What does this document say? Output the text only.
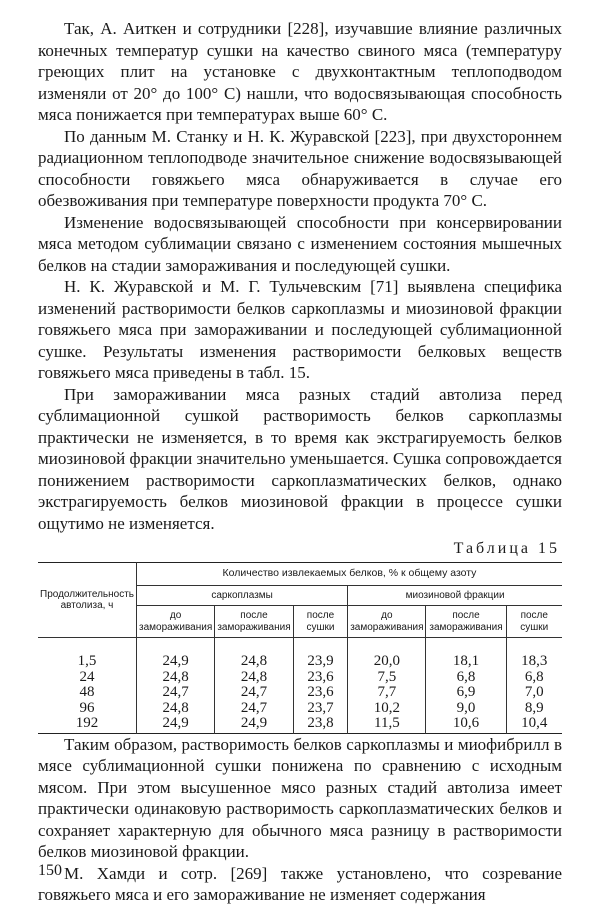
Так, А. Аиткен и сотрудники [228], изучавшие влияние различных конечных температур сушки на качество свиного мяса (температуру греющих плит на установке с двухконтактным теплоподводом изменяли от 20° до 100° С) нашли, что водосвязывающая способность мяса понижается при температурах выше 60° С.

По данным М. Станку и Н. К. Журавской [223], при двухстороннем радиационном теплоподводе значительное снижение водосвязывающей способности говяжьего мяса обнаруживается в случае его обезвоживания при температуре поверхности продукта 70° С.

Изменение водосвязывающей способности при консервировании мяса методом сублимации связано с изменением состояния мышечных белков на стадии замораживания и последующей сушки.

Н. К. Журавской и М. Г. Тульчевским [71] выявлена специфика изменений растворимости белков саркоплазмы и миозиновой фракции говяжьего мяса при замораживании и последующей сублимационной сушке. Результаты изменения растворимости белковых веществ говяжьего мяса приведены в табл. 15.

При замораживании мяса разных стадий автолиза перед сублимационной сушкой растворимость белков саркоплазмы практически не изменяется, в то время как экстрагируемость белков миозиновой фракции значительно уменьшается. Сушка сопровождается понижением растворимости саркоплазматических белков, однако экстрагируемость белков миозиновой фракции в процессе сушки ощутимо не изменяется.

Таблица 15
Продолжительность автолиза, ч	Количество извлекаемых белков, % к общему азоту					
	саркоплазмы			миозиновой фракции		
	до замораживания	после замораживания	после сушки	до замораживания	после замораживания	после сушки
1,5	24,9	24,8	23,9	20,0	18,1	18,3
24	24,8	24,8	23,6	7,5	6,8	6,8
48	24,7	24,7	23,6	7,7	6,9	7,0
96	24,8	24,7	23,7	10,2	9,0	8,9
192	24,9	24,9	23,8	11,5	10,6	10,4

Таким образом, растворимость белков саркоплазмы и миофибрилл в мясе сублимационной сушки понижена по сравнению с исходным мясом. При этом высушенное мясо разных стадий автолиза имеет практически одинаковую растворимость саркоплазматических белков и сохраняет характерную для обычного мяса разницу в растворимости белков миозиновой фракции.

М. Хамди и сотр. [269] также установлено, что созревание говяжьего мяса и его замораживание не изменяет содержания

150
